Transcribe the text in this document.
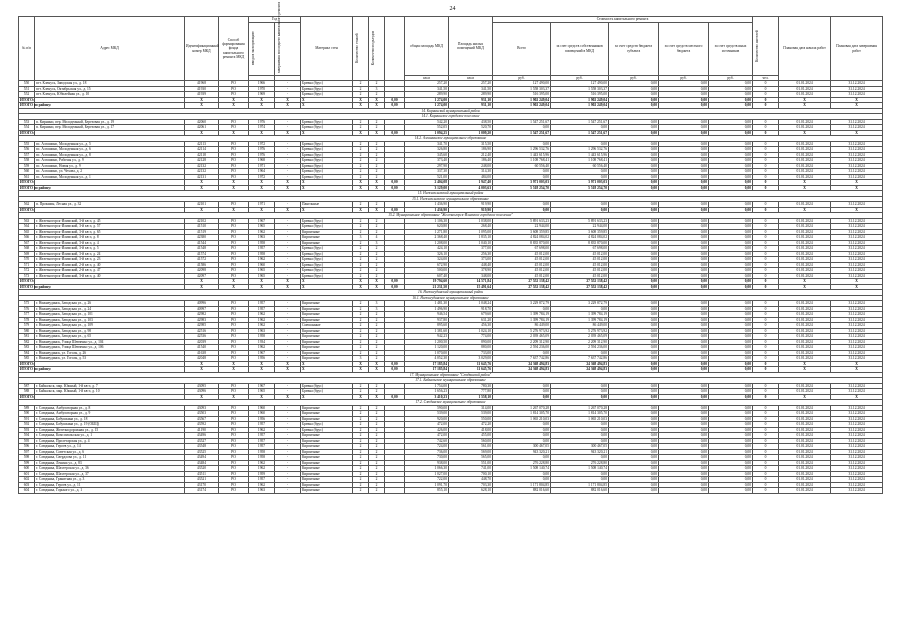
24
№ п/п	Адрес МКД	Идентификационный номер МКД	Способ формирования фонда капитального ремонта МКД	Год		Материал стен	Количество этажей	Количество подъездов		общая площадь МКД	Площадь жилых помещений МКД	Стоимость капитального ремонта					Количество жителей	Плановая дата начала работ	Плановая дата завершения работ
				ввода в эксплуатацию	завершения последнего капитального ремонта							Всего	за счет средств собственников помещений в МКД	за счет средств бюджета субъекта	за счет средств местного бюджета	за счет средств иных источников			
										кв.м	кв.м	руб.	руб.	руб.	руб.	руб.	чел.		
550	пгт. Кленусь, Заводская ул., д. 18	41968	РО	1966	-	Бревна (брус)	2	2		257,20	257,20	127 490,00	127 490,00	0,00	0,00	0,00	0	01.01.2024	31.12.2024
551	пгт. Кленусь, Октябрьская ул., д. 15	41930	РО	1970	-	Бревна (брус)	2	3		341,50	341,50	1 558 303,37	1 558 303,37	0,00	0,00	0,00	0	01.01.2024	31.12.2024
552	пгт. Кленусь, Юбилейная ул., д. 10	41939	РО	1969	-	Бревна (брус)	2	2		289,90	289,90	516 395,00	516 395,00	0,00	0,00	0,00	0	01.01.2024	31.12.2024
ИТОГО:		X	X	X	X	X	X	X	0,00	1 274,00	931,10	1 902 249,04	1 902 249,04	0,00	0,00	0,00	0	X	X
ИТОГО по району:		X	X	X	X	X	X	X	0,00	1 274,00	931,10	1 902 249,04	1 902 249,04	0,00	0,00	0,00	0	X	X
14. Кирнинский муниципальный район																			
14.1. Кирнинское городское поселение																			
553	п. Кирнино, пер. Молодежный, Березовая ул., д. 19	42060	РО	1976	-	Бревна (брус)	2	2		542,20	438,50	1 547 251,67	1 547 251,67	0,00	0,00	0,00	0	01.01.2024	31.12.2024
554	п. Кирнино, пер. Молодежный, Березовая ул., д. 17	42061	РО	1974	-	Бревна (брус)	2	2		552,05	520,70	0,00	0,00	0,00	0,00	0,00	0	01.01.2024	31.12.2024
ИТОГО:		X	X	X	X	X	X	X	0,00	1 094,25	1 009,20	1 547 251,67	1 547 251,67	0,00	0,00	0,00	0	X	X
14.2. Алгашинское муниципальное образование																			
555	пс. Алгашино, Молодежная ул., д. 5	42113	РО	1972	-	Бревна (брус)	2	2		341,70	315,50	0,00	0,00	0,00	0,00	0,00	0	01.01.2024	31.12.2024
556	пс. Алгашино, Молодежная ул., д. 6	42114	РО	1976	-	Бревна (брус)	2	2		326,80	186,90	1 296 532,76	1 296 532,76	0,00	0,00	0,00	0	01.01.2024	31.12.2024
557	пс. Алгашино, Молодежная ул., д. 8	42118	РО	1976	-	Бревна (брус)	2	2		345,60	212,40	1 443 615,96	1 443 615,96	0,00	0,00	0,00	0	01.01.2024	31.12.2024
558	пс. Алгашино, Рабочая ул., д. 9	42128	РО	1968	-	Бревна (брус)	2	2		373,40	186,40	1 108 768,41	1 108 768,41	0,00	0,00	0,00	0	01.01.2024	31.12.2024
559	пс. Алгашино, Новая ул., д. 9	42132	РО	1971	-	Бревна (брус)	2	2		297,90	248,00	60 556,40	60 556,40	0,00	0,00	0,00	0	01.01.2024	31.12.2024
560	пс. Алгашино, ул. Чехова, д. 2	42132	РО	1964	-	Бревна (брус)	2	2		337,30	314,30	0,00	0,00	0,00	0,00	0,00	0	01.01.2024	31.12.2024
561	пс. Алгашино, Молодежная ул., д. 1	42131	РО	1972	-	Бревна (брус)	2	2		521,00	484,00	0,00	0,00	0,00	0,00	0,00	0	01.01.2024	31.12.2024
ИТОГО:		X	X	X	X	X	X	X	0,00	2 404,08	1 947,40	3 971 003,03	3 971 003,03	0,00	0,00	0,00	0	X	X
ИТОГО по району:		X	X	X	X	X	X	X	0,00	3 129,00	4 003,63	5 518 254,70	5 518 254,70	0,00	0,00	0,00	0	X	X
15. Нижнеилимский муниципальный район																			
15.1. Нижнеилимское муниципальное образование																			
562	п. Прокшин, Лесная ул., д. 32	42101	РО	1971	-	Панельные	2	2		1 436,90	919,90	0,00	0,00	0,00	0,00	0,00	0	01.01.2024	31.12.2024
ИТОГО:		X	X	X	X	X	X	X	0,00	1 436,90	919,90	0,00	0,00	0,00	0,00	0,00	0	X	X
15.2. Муниципальное образование "Железногорск-Илимское городское поселение"																			
563	г. Железногорск-Илимский, 3-й кв-л, д. 45	42102	РО	1967	-	Бревна (брус)	2	2		1 106,30	1 038,00	5 891 633,23	5 891 633,23	0,00	0,00	0,00	0	01.01.2024	31.12.2024
564	г. Железногорск-Илимский, 3-й кв-л, д. 57	41510	РО	1965	-	Бревна (брус)	2	2		620,80	268,40	22 944,00	22 944,00	0,00	0,00	0,00	0	01.01.2024	31.12.2024
565	г. Железногорск-Илимский, 3-й кв-л, д. 65	41519	РО	1962	-	Кирпичные	2	2		1 271,80	1 095,00	3 608 359,85	3 608 359,85	0,00	0,00	0,00	0	01.01.2024	31.12.2024
566	г. Железногорск-Илимский, 3-й кв-л, д. 8	42380	РО	1963	-	Кирпичные	3	4		2 368,40	1 835,10	4 824 084,02	4 824 084,02	0,00	0,00	0,00	0	01.01.2024	31.12.2024
567	г. Железногорск-Илимский, 3-й кв-л, д. 4	41544	РО	1958	-	Кирпичные	2	3		1 208,00	1 040,10	8 835 870,00	8 835 870,00	0,00	0,00	0,00	0	01.01.2024	31.12.2024
568	г. Железногорск-Илимский, 3-й кв-л, д. 5	41548	РО	1957	-	Бревна (брус)	2	2		424,10	377,00	67 698,00	67 698,00	0,00	0,00	0,00	0	01.01.2024	31.12.2024
569	г. Железногорск-Илимский, 3-й кв-л, д. 24	41574	РО	1958	-	Бревна (брус)	2	2		326,10	256,30	45 012,00	45 012,00	0,00	0,00	0,00	0	01.01.2024	31.12.2024
570	г. Железногорск-Илимский, 3-й кв-л, д. 23	41572	РО	1962	-	Бревна (брус)	2	2		324,00	373,00	45 012,00	45 012,00	0,00	0,00	0,00	0	01.01.2024	31.12.2024
571	г. Железногорск-Илимский, 2-й кв-л, д. 40	41586	РО	1960	-	Бревна (брус)	2	2		672,90	448,40	45 012,00	45 012,00	0,00	0,00	0,00	0	01.01.2024	31.12.2024
572	г. Железногорск-Илимский, 2-й кв-л, д. 47	42098	РО	1965	-	Бревна (брус)	2	2		500,00	378,90	45 012,00	45 012,00	0,00	0,00	0,00	0	01.01.2024	31.12.2024
573	г. Железногорск-Илимский, 3-й кв-л, д. 40	42097	РО	1965	-	Бревна (брус)	2	2		607,40	348,00	45 012,00	45 012,00	0,00	0,00	0,00	0	01.01.2024	31.12.2024
ИТОГО:		X	X	X	X	X	X	X	0,00	19 794,60	14 571,84	27 552 138,42	27 552 138,42	0,00	0,00	0,00	0	X	X
ИТОГО по району:		X	X	X	X	X	X	X	0,00	21 231,50	15 491,64	27 552 138,42	27 552 138,42	0,00	0,00	0,00	0	X	X
16. Нижнеудинский муниципальный район																			
16.1. Нижнеудинское муниципальное образование																			
575	г. Нижнеудинск, Заводская ул., д. 26	40996	РО	1957	-	Кирпичные	2	3		1 481,30	1 048,24	3 229 872,79	3 229 872,79	0,00	0,00	0,00	0	01.01.2024	31.12.2024
576	г. Нижнеудинск, Заводская ул., д. 24	40997	РО	1957	-	Кирпичные	2	3		1 496,90	918,70	0,00	0,00	0,00	0,00	0,00	0	01.01.2024	31.12.2024
577	г. Нижнеудинск, Заводская ул., д. 101	42982	РО	1962	-	Кирпичные	2	2		946,54	679,60	1 399 784,19	1 399 784,19	0,00	0,00	0,00	0	01.01.2024	31.12.2024
578	г. Нижнеудинск, Заводская ул., д. 103	42983	РО	1962	-	Кирпичные	2	2		937,80	631,20	1 399 784,19	1 399 784,19	0,00	0,00	0,00	0	01.01.2024	31.12.2024
579	г. Нижнеудинск, Заводская ул., д. 109	42985	РО	1962	-	Смешанные	2	2		895,60	456,30	86 449,00	86 449,00	0,00	0,00	0,00	0	01.01.2024	31.12.2024
580	г. Нижнеудинск, Заводская ул., д. 98	42516	РО	1963	-	Кирпичные	2	2		1 381,60	1 024,10	5 276 973,92	5 276 973,92	0,00	0,00	0,00	0	01.01.2024	31.12.2024
581	г. Нижнеудинск, Заводская ул., д. 65	42536	РО	1958	-	Кирпичные	2	2		942,23	774,00	2 039 465,09	2 039 465,09	0,00	0,00	0,00	0	01.01.2024	31.12.2024
582	г. Нижнеудинск, Улица Шевченко ул., д. 104	42039	РО	1934	-	Кирпичные	2	2		1 200,50	890,00	2 209 312,90	2 209 312,90	0,00	0,00	0,00	0	01.01.2024	31.12.2024
583	г. Нижнеудинск, Улица Шевченко ул., д. 106	41540	РО	1962	-	Кирпичные	2	2		1 120,00	880,00	2 594 236,00	2 594 236,00	0,00	0,00	0,00	0	01.01.2024	31.12.2024
584	г. Нижнеудинск, ул. Гоголя, д. 26	41638	РО	1967	-	Кирпичные	2	2		1 070,00	733,00	0,00	0,00	0,00	0,00	0,00	0	01.01.2024	31.12.2024
585	г. Нижнеудинск, ул. Гоголя, д. 53	42048	РО	1956	-	Кирпичные	3	2		4 052,30	3 029,00	7 637 742,86	7 637 742,86	0,00	0,00	0,00	0	01.01.2024	31.12.2024
ИТОГО:		X	X	X	X	X	X	X	0,00	17 185,84	11 645,76	24 368 494,83	24 368 494,83	0,00	0,00	0,00	0	X	X
ИТОГО по району:		X	X	X	X	X	X	X	0,00	17 185,84	11 645,76	24 368 494,83	24 368 494,83	0,00	0,00	0,00	0	X	X
17. Муниципальное образование "Слюдянский район"																			
17.1. Байкальское муниципальное образование																			
587	г. Байкальск, мкр. Южный, 1-й кв-л, д. 7	43095	РО	1967	-	Бревна (брус)	2	2		1 754,00	780,30	0,00	0,00	0,00	0,00	0,00	0	01.01.2024	31.12.2024
588	г. Байкальск, мкр. Южный, 1-й кв-л, д. 10	43096	РО	1965	-	Бревна (брус)	2	2		1 656,23	777,80	0,00	0,00	0,00	0,00	0,00	0	01.01.2024	31.12.2024
ИТОГО:		X	X	X	X	X	X	X	0,00	3 410,23	1 558,10	0,00	0,00	0,00	0,00	0,00	0	X	X
17.2. Слюдянское муниципальное образование																			
589	г. Слюдянка, Амбулаторная ул., д. 8	43093	РО	1960	-	Кирпичные	2	2		590,00	314,00	1 267 070,28	1 267 070,28	0,00	0,00	0,00	0	01.01.2024	31.12.2024
590	г. Слюдянка, Амбулаторная ул., д. 9	43503	РО	1960	-	Кирпичные	2	2		539,00	539,00	1 814 305,70	1 814 305,70	0,00	0,00	0,00	0	01.01.2024	31.12.2024
591	г. Слюдянка, Бабушкина ул., д. 18	43567	РО	1956	-	Кирпичные	2	2		920,00	550,00	1 065 210,03	1 065 210,03	0,00	0,00	0,00	0	01.01.2024	31.12.2024
592	г. Слюдянка, Бабушкина ул., д. 19 (ОБЩ)	43592	РО	1957	-	Бревна (брус)	2	2		472,00	472,20	0,00	0,00	0,00	0,00	0,00	0	01.01.2024	31.12.2024
593	г. Слюдянка, Железнодорожная ул., д. 15	41190	РО	1962	-	Бревна (брус)	2	2		426,00	418,00	0,00	0,00	0,00	0,00	0,00	0	01.01.2024	31.12.2024
594	г. Слюдянка, Комсомольская ул., д. 1	43496	РО	1957	-	Кирпичные	2	2		472,00	455,00	0,00	0,00	0,00	0,00	0,00	0	01.01.2024	31.12.2024
595	г. Слюдянка, Пролетарская ул., д. 4	43527	РО	1957	-	Кирпичные	2	2		742,60	560,00	0,00	0,00	0,00	0,00	0,00	0	01.01.2024	31.12.2024
596	г. Слюдянка, Героев ул., д. 14	43548	РО	1957	-	Кирпичные	2	2		724,00	561,00	300 467,05	300 467,05	0,00	0,00	0,00	0	01.01.2024	31.12.2024
597	г. Слюдянка, Советская ул., д. 6	43525	РО	1958	-	Кирпичные	2	2		736,00	569,00	943 320,21	943 320,21	0,00	0,00	0,00	0	01.01.2024	31.12.2024
598	г. Слюдянка, Свердлова ул., д. 11	43494	РО	1958	-	Кирпичные	2	2		730,00	565,00	0,00	0,00	0,00	0,00	0,00	0	01.01.2024	31.12.2024
599	г. Слюдянка, Ленина ул., д. 83	43484	РО	1962	-	Кирпичные	2	2		938,00	551,00	276 228,80	276 228,80	0,00	0,00	0,00	0	01.01.2024	31.12.2024
600	г. Слюдянка, Шахтерская ул., д. 36	43520	РО	1962	-	Кирпичные	2	2		1 066,30	741,00	1 508 140,74	1 508 140,74	0,00	0,00	0,00	0	01.01.2024	31.12.2024
601	г. Слюдянка, Шахтерская ул., д. 37	43511	РО	1959	-	Кирпичные	2	2		1 027,00	700,10	0,00	0,00	0,00	0,00	0,00	0	01.01.2024	31.12.2024
602	г. Слюдянка, Гранитная ул., д. 3	43521	РО	1957	-	Кирпичные	2	2		722,00	448,70	0,00	0,00	0,00	0,00	0,00	0	01.01.2024	31.12.2024
603	г. Слюдянка, Героев ул., д. 11	43170	РО	1962	-	Кирпичные	2	2		1 091,70	703,30	1 171 804,85	1 171 804,85	0,00	0,00	0,00	0	01.01.2024	31.12.2024
604	г. Слюдянка, Горького ул., д. 1	43174	РО	1963	-	Кирпичные	2	2		855,10	628,10	882 016,60	882 016,60	0,00	0,00	0,00	0	01.01.2024	31.12.2024
